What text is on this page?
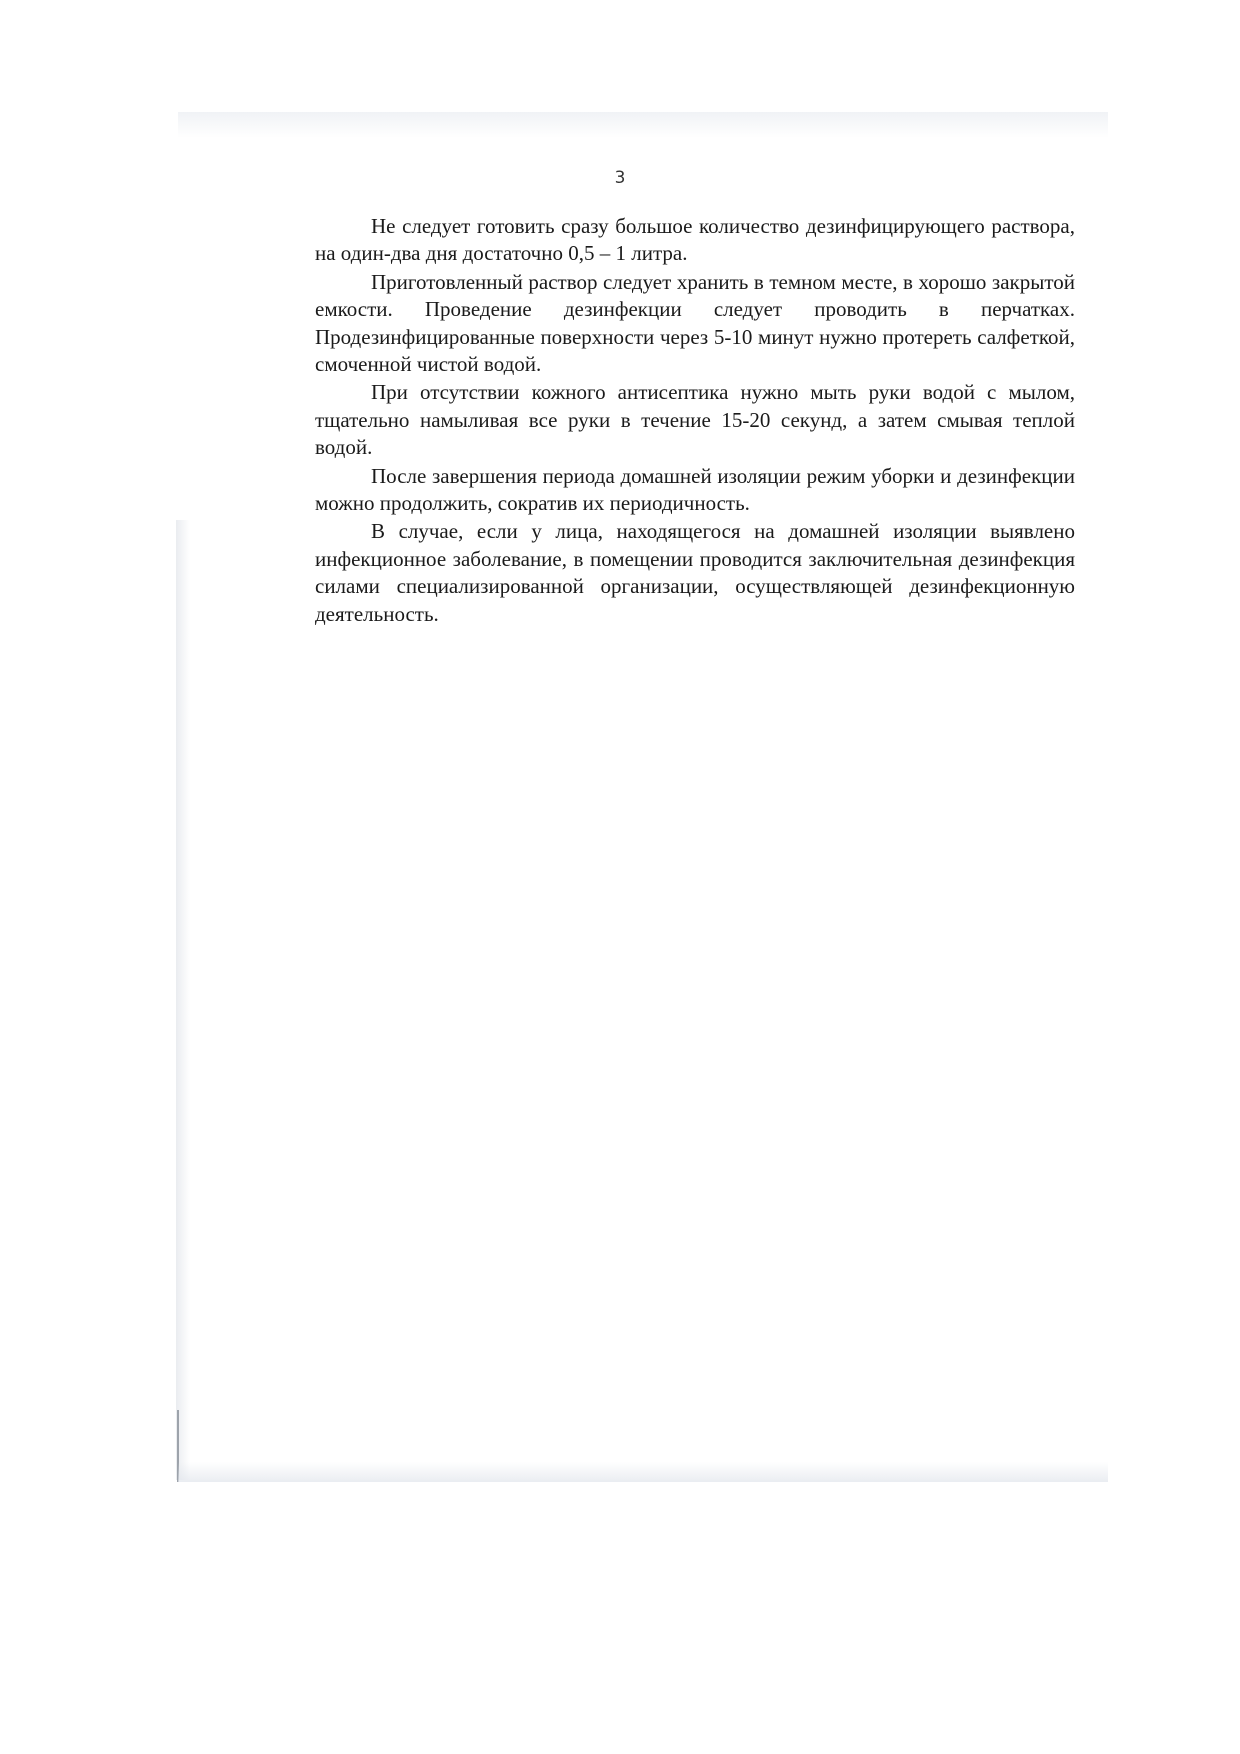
3

Не следует готовить сразу большое количество дезинфицирующего раствора, на один-два дня достаточно 0,5 – 1 литра.

Приготовленный раствор следует хранить в темном месте, в хорошо закрытой емкости. Проведение дезинфекции следует проводить в перчатках. Продезинфицированные поверхности через 5-10 минут нужно протереть салфеткой, смоченной чистой водой.

При отсутствии кожного антисептика нужно мыть руки водой с мылом, тщательно намыливая все руки в течение 15-20 секунд, а затем смывая теплой водой.

После завершения периода домашней изоляции режим уборки и дезинфекции можно продолжить, сократив их периодичность.

В случае, если у лица, находящегося на домашней изоляции выявлено инфекционное заболевание, в помещении проводится заключительная дезинфекция силами специализированной организации, осуществляющей дезинфекционную деятельность.
